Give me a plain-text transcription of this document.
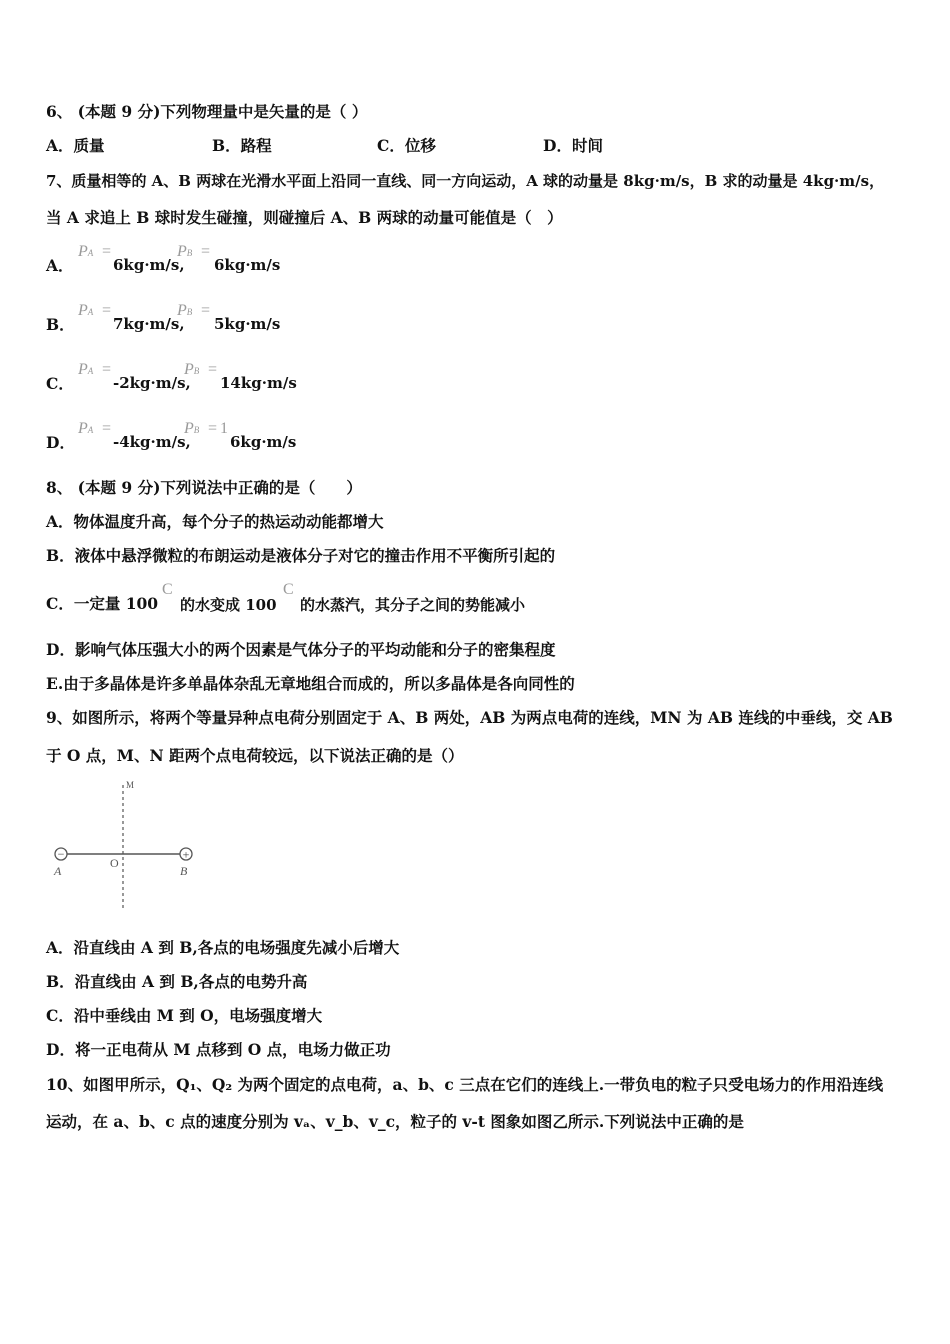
6、 (本题 9 分)下列物理量中是矢量的是（ ）
A．质量	B．路程	C．位移	D．时间
7、质量相等的 A、B 两球在光滑水平面上沿同一直线、同一方向运动，A 球的动量是 8kg·m/s，B 求的动量是 4kg·m/s，
当 A 求追上 B 球时发生碰撞，则碰撞后 A、B 两球的动量可能值是（　）
A．
PA =
6kg·m/s,
PB =
6kg·m/s
B．
PA =
7kg·m/s,
PB =
5kg·m/s
C．
PA =
-2kg·m/s,
PB =
14kg·m/s
D．
PA =
-4kg·m/s,
PB = 1
6kg·m/s
8、 (本题 9 分)下列说法中正确的是（　　）
A．物体温度升高，每个分子的热运动动能都增大
B．液体中悬浮微粒的布朗运动是液体分子对它的撞击作用不平衡所引起的
C．一定量 100
C
的水变成 100
C
的水蒸汽，其分子之间的势能减小
D．影响气体压强大小的两个因素是气体分子的平均动能和分子的密集程度
E.由于多晶体是许多单晶体杂乱无章地组合而成的，所以多晶体是各向同性的
9、如图所示，将两个等量异种点电荷分别固定于 A、B 两处，AB 为两点电荷的连线，MN 为 AB 连线的中垂线，交 AB
于 O 点，M、N 距两个点电荷较远，以下说法正确的是（）
−	+
M
O
A	B
A．沿直线由 A 到 B,各点的电场强度先减小后增大
B．沿直线由 A 到 B,各点的电势升高
C．沿中垂线由 M 到 O，电场强度增大
D．将一正电荷从 M 点移到 O 点，电场力做正功
10、如图甲所示，Q₁、Q₂ 为两个固定的点电荷，a、b、c 三点在它们的连线上.一带负电的粒子只受电场力的作用沿连线
运动，在 a、b、c 点的速度分别为 vₐ、v_b、v_c，粒子的 v-t 图象如图乙所示.下列说法中正确的是
